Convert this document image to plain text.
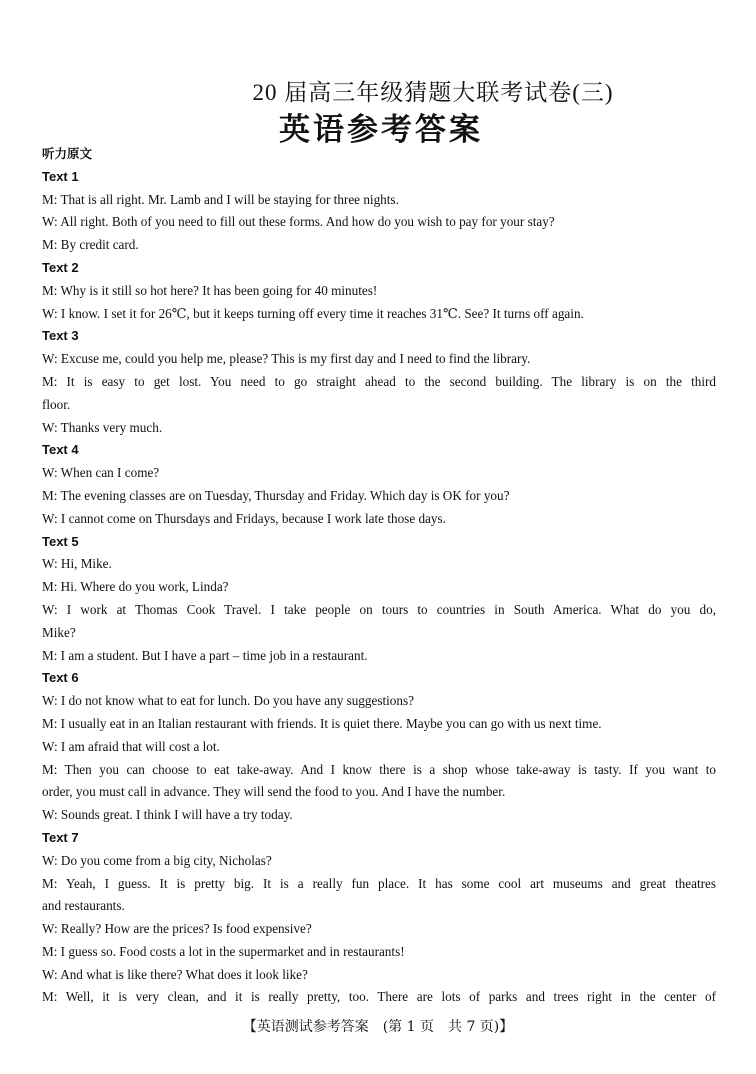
20 届高三年级猜题大联考试卷(三)
英语参考答案
听力原文
Text 1
M: That is all right. Mr. Lamb and I will be staying for three nights.
W: All right. Both of you need to fill out these forms. And how do you wish to pay for your stay?
M: By credit card.
Text 2
M: Why is it still so hot here? It has been going for 40 minutes!
W: I know. I set it for 26℃, but it keeps turning off every time it reaches 31℃. See? It turns off again.
Text 3
W: Excuse me, could you help me, please? This is my first day and I need to find the library.
M: It is easy to get lost. You need to go straight ahead to the second building. The library is on the third
floor.
W: Thanks very much.
Text 4
W: When can I come?
M: The evening classes are on Tuesday, Thursday and Friday. Which day is OK for you?
W: I cannot come on Thursdays and Fridays, because I work late those days.
Text 5
W: Hi, Mike.
M: Hi. Where do you work, Linda?
W: I work at Thomas Cook Travel. I take people on tours to countries in South America. What do you do,
Mike?
M: I am a student. But I have a part – time job in a restaurant.
Text 6
W: I do not know what to eat for lunch. Do you have any suggestions?
M: I usually eat in an Italian restaurant with friends. It is quiet there. Maybe you can go with us next time.
W: I am afraid that will cost a lot.
M: Then you can choose to eat take-away. And I know there is a shop whose take-away is tasty. If you want to
order, you must call in advance. They will send the food to you. And I have the number.
W: Sounds great. I think I will have a try today.
Text 7
W: Do you come from a big city, Nicholas?
M: Yeah, I guess. It is pretty big. It is a really fun place. It has some cool art museums and great theatres
and restaurants.
W: Really? How are the prices? Is food expensive?
M: I guess so. Food costs a lot in the supermarket and in restaurants!
W: And what is like there? What does it look like?
M: Well, it is very clean, and it is really pretty, too. There are lots of parks and trees right in the center of
【英语测试参考答案　(第 1 页　共 7 页)】
